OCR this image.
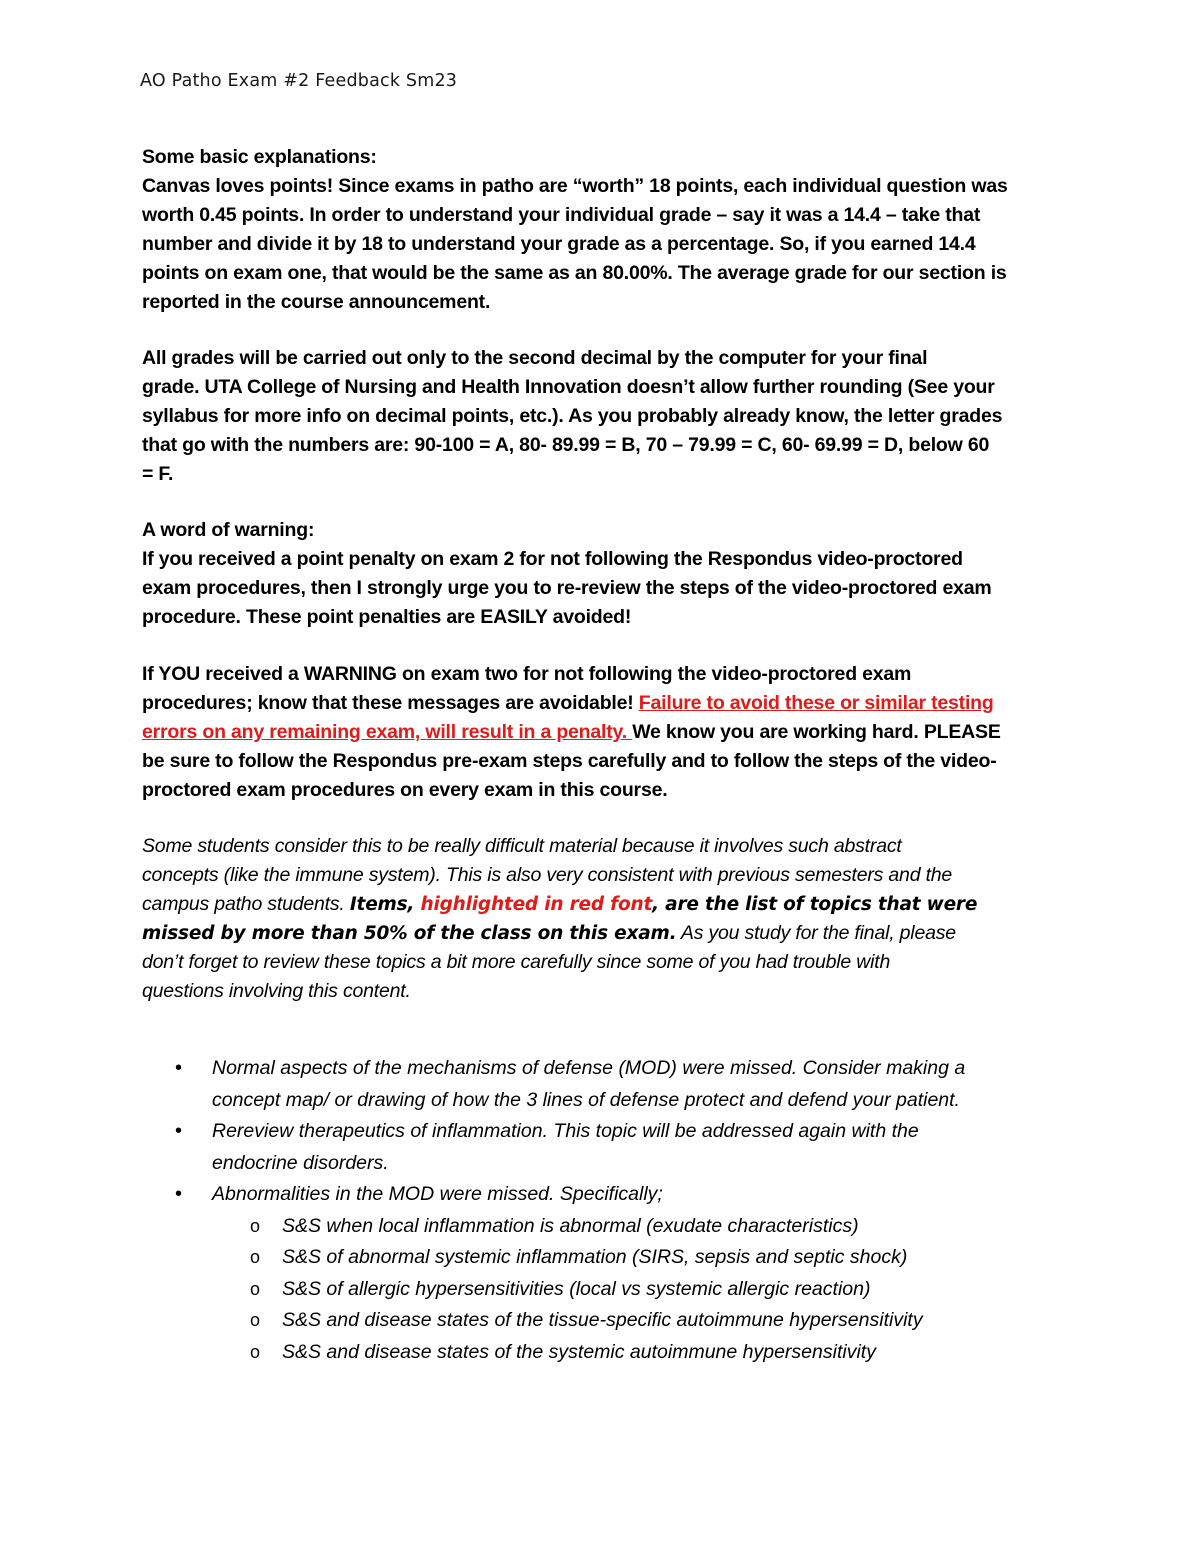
AO Patho Exam #2 Feedback Sm23

Some basic explanations:

Canvas loves points! Since exams in patho are “worth” 18 points, each individual question was

worth 0.45 points. In order to understand your individual grade – say it was a 14.4 – take that

number and divide it by 18 to understand your grade as a percentage. So, if you earned 14.4

points on exam one, that would be the same as an 80.00%. The average grade for our section is

reported in the course announcement.

All grades will be carried out only to the second decimal by the computer for your final

grade. UTA College of Nursing and Health Innovation doesn’t allow further rounding (See your

syllabus for more info on decimal points, etc.). As you probably already know, the letter grades

that go with the numbers are: 90-100 = A, 80- 89.99 = B, 70 – 79.99 = C, 60- 69.99 = D, below 60

= F.

A word of warning:

If you received a point penalty on exam 2 for not following the Respondus video-proctored

exam procedures, then I strongly urge you to re-review the steps of the video-proctored exam

procedure. These point penalties are EASILY avoided!

If YOU received a WARNING on exam two for not following the video-proctored exam

procedures; know that these messages are avoidable! Failure to avoid these or similar testing

errors on any remaining exam, will result in a penalty. We know you are working hard. PLEASE

be sure to follow the Respondus pre-exam steps carefully and to follow the steps of the video-

proctored exam procedures on every exam in this course.

Some students consider this to be really difficult material because it involves such abstract

concepts (like the immune system). This is also very consistent with previous semesters and the

campus patho students. Items, highlighted in red font, are the list of topics that were

missed by more than 50% of the class on this exam. As you study for the final, please

don’t forget to review these topics a bit more carefully since some of you had trouble with

questions involving this content.

• Normal aspects of the mechanisms of defense (MOD) were missed. Consider making a
concept map/ or drawing of how the 3 lines of defense protect and defend your patient.
• Rereview therapeutics of inflammation. This topic will be addressed again with the
endocrine disorders.
• Abnormalities in the MOD were missed. Specifically;
o S&S when local inflammation is abnormal (exudate characteristics)
o S&S of abnormal systemic inflammation (SIRS, sepsis and septic shock)
o S&S of allergic hypersensitivities (local vs systemic allergic reaction)
o S&S and disease states of the tissue-specific autoimmune hypersensitivity
o S&S and disease states of the systemic autoimmune hypersensitivity
